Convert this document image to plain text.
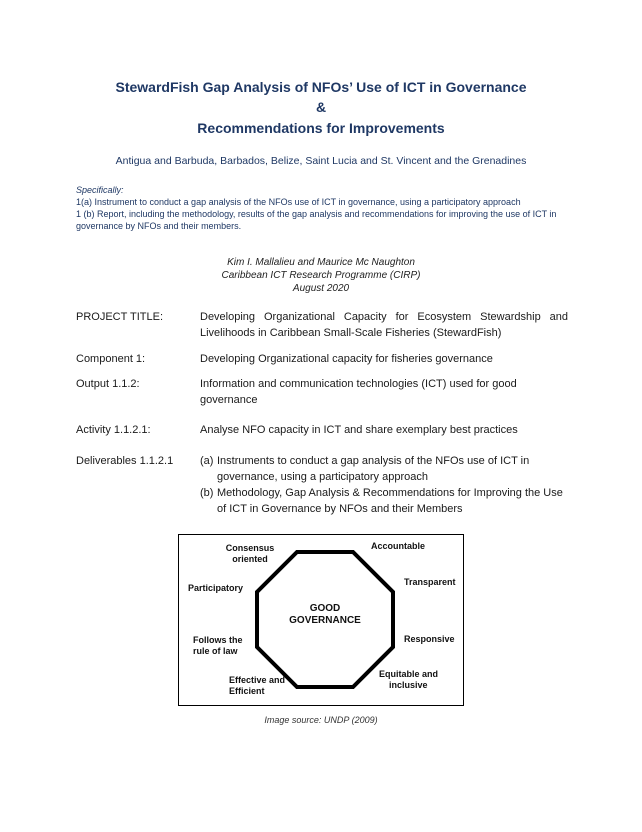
StewardFish Gap Analysis of NFOs’ Use of ICT in Governance
&
Recommendations for Improvements
Antigua and Barbuda, Barbados, Belize, Saint Lucia and St. Vincent and the Grenadines
Specifically:
1(a) Instrument to conduct a gap analysis of the NFOs use of ICT in governance, using a participatory approach
1 (b) Report, including the methodology, results of the gap analysis and recommendations for improving the use of ICT in governance by NFOs and their members.
Kim I. Mallalieu and Maurice Mc Naughton
Caribbean ICT Research Programme (CIRP)
August 2020
PROJECT TITLE:	Developing Organizational Capacity for Ecosystem Stewardship and Livelihoods in Caribbean Small-Scale Fisheries (StewardFish)
Component 1:	Developing Organizational capacity for fisheries governance
Output 1.1.2:	Information and communication technologies (ICT) used for good governance
Activity 1.1.2.1:	Analyse NFO capacity in ICT and share exemplary best practices
Deliverables 1.1.2.1	(a) Instruments to conduct a gap analysis of the NFOs use of ICT in governance, using a participatory approach
(b) Methodology, Gap Analysis & Recommendations for Improving the Use of ICT in Governance by NFOs and their Members
GOOD
GOVERNANCE
Consensus
oriented
Accountable
Transparent
Participatory
Responsive
Follows the
rule of law
Equitable and
inclusive
Effective and
Efficient
Image source: UNDP (2009)
